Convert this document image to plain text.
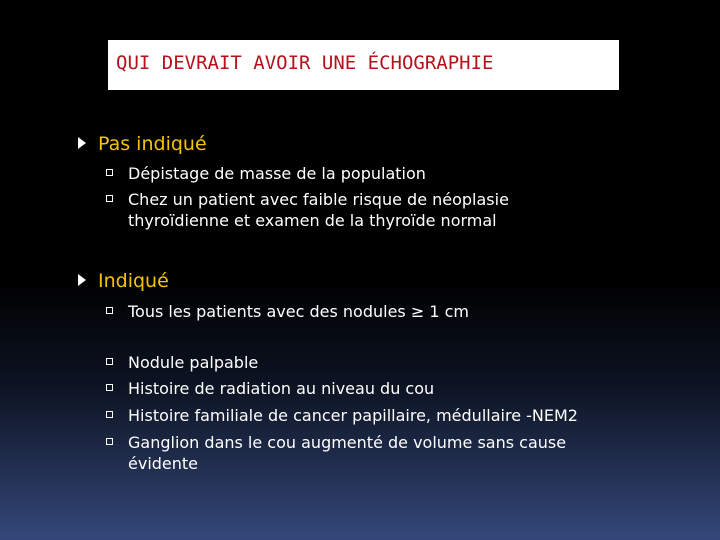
QUI DEVRAIT AVOIR UNE ÉCHOGRAPHIE
Pas indiqué
Dépistage de masse de la population
Chez un patient avec faible risque de néoplasie
thyroïdienne et examen de la thyroïde normal
Indiqué
Tous les patients avec des nodules ≥ 1 cm
Nodule palpable
Histoire de radiation au niveau du cou
Histoire familiale de cancer papillaire, médullaire -NEM2
Ganglion dans le cou augmenté de volume sans cause
évidente
